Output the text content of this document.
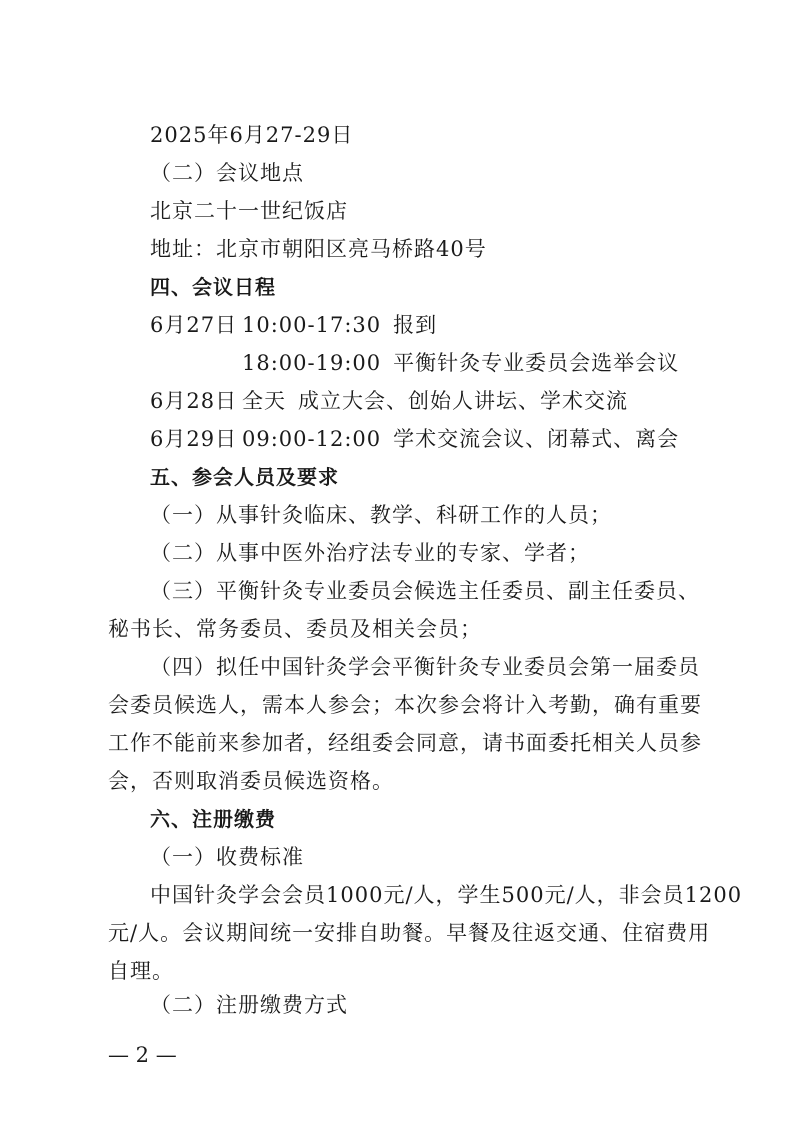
2025年6月27-29日
（二）会议地点
北京二十一世纪饭店
地址：北京市朝阳区亮马桥路40号
四、会议日程
6月27日 10:00-17:30 报到
18:00-19:00 平衡针灸专业委员会选举会议
6月28日 全天 成立大会、创始人讲坛、学术交流
6月29日 09:00-12:00 学术交流会议、闭幕式、离会
五、参会人员及要求
（一）从事针灸临床、教学、科研工作的人员；
（二）从事中医外治疗法专业的专家、学者；
（三）平衡针灸专业委员会候选主任委员、副主任委员、
秘书长、常务委员、委员及相关会员；
（四）拟任中国针灸学会平衡针灸专业委员会第一届委员
会委员候选人，需本人参会；本次参会将计入考勤，确有重要
工作不能前来参加者，经组委会同意，请书面委托相关人员参
会，否则取消委员候选资格。
六、注册缴费
（一）收费标准
中国针灸学会会员1000元/人，学生500元/人，非会员1200
元/人。会议期间统一安排自助餐。早餐及往返交通、住宿费用
自理。
（二）注册缴费方式
— 2 —
